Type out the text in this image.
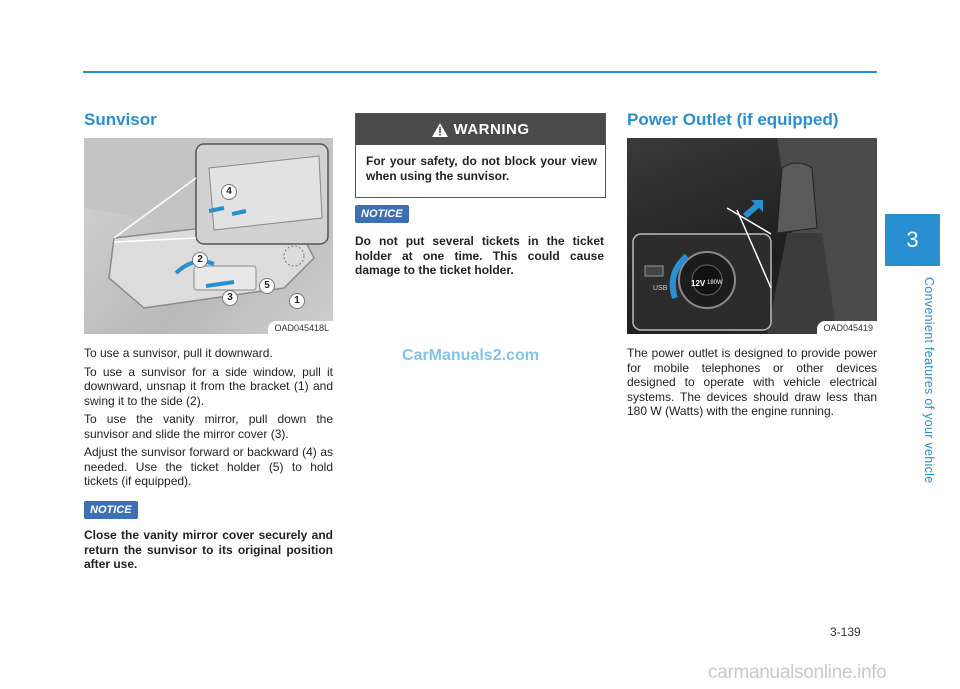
Sunvisor
4
2
3
5
1
OAD045418L

To use a sunvisor, pull it downward.

To use a sunvisor for a side window, pull it downward, unsnap it from the bracket (1) and swing it to the side (2).

To use the vanity mirror, pull down the sunvisor and slide the mirror cover (3).

Adjust the sunvisor forward or backward (4) as needed. Use the ticket holder (5) to hold tickets (if equipped).

NOTICE

Close the vanity mirror cover securely and return the sunvisor to its original position after use.

WARNING
For your safety, do not block your view when using the sunvisor.
NOTICE

Do not put several tickets in the ticket holder at one time. This could cause damage to the ticket holder.

CarManuals2.com
Power Outlet (if equipped)
USB
12V 180W
OAD045419

The power outlet is designed to provide power for mobile telephones or other devices designed to operate with vehicle electrical systems. The devices should draw less than 180 W (Watts) with the engine running.

3
Convenient features of your vehicle
3-139
carmanualsonline.info
